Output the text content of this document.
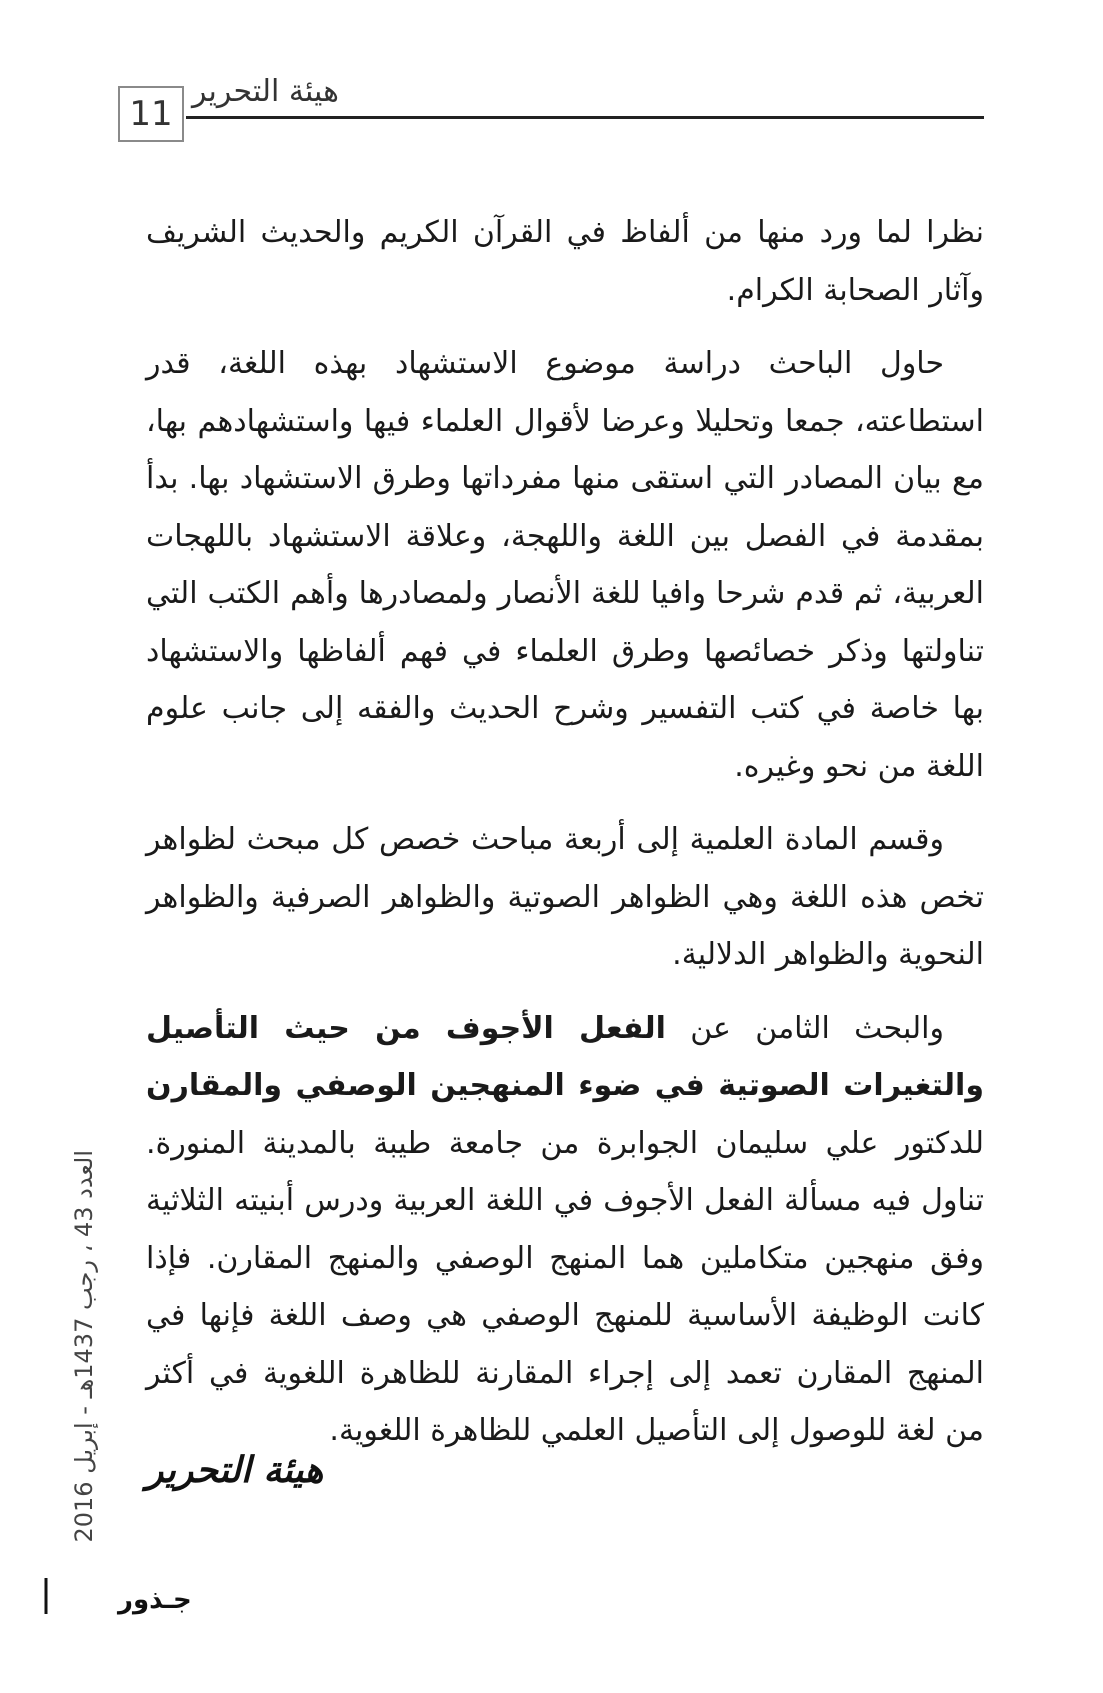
11
هيئة التحرير

نظرا لما ورد منها من ألفاظ في القرآن الكريم والحديث الشريف وآثار الصحابة الكرام.

حاول الباحث دراسة موضوع الاستشهاد بهذه اللغة، قدر استطاعته، جمعا وتحليلا وعرضا لأقوال العلماء فيها واستشهادهم بها، مع بيان المصادر التي استقى منها مفرداتها وطرق الاستشهاد بها. بدأ بمقدمة في الفصل بين اللغة واللهجة، وعلاقة الاستشهاد باللهجات العربية، ثم قدم شرحا وافيا للغة الأنصار ولمصادرها وأهم الكتب التي تناولتها وذكر خصائصها وطرق العلماء في فهم ألفاظها والاستشهاد بها خاصة في كتب التفسير وشرح الحديث والفقه إلى جانب علوم اللغة من نحو وغيره.

وقسم المادة العلمية إلى أربعة مباحث خصص كل مبحث لظواهر تخص هذه اللغة وهي الظواهر الصوتية والظواهر الصرفية والظواهر النحوية والظواهر الدلالية.

والبحث الثامن عن الفعل الأجوف من حيث التأصيل والتغيرات الصوتية في ضوء المنهجين الوصفي والمقارن للدكتور علي سليمان الجوابرة من جامعة طيبة بالمدينة المنورة. تناول فيه مسألة الفعل الأجوف في اللغة العربية ودرس أبنيته الثلاثية وفق منهجين متكاملين هما المنهج الوصفي والمنهج المقارن. فإذا كانت الوظيفة الأساسية للمنهج الوصفي هي وصف اللغة فإنها في المنهج المقارن تعمد إلى إجراء المقارنة للظاهرة اللغوية في أكثر من لغة للوصول إلى التأصيل العلمي للظاهرة اللغوية.

هيئة التحرير
العدد 43 ، رجب 1437هـ - إبريل 2016
جـذور
